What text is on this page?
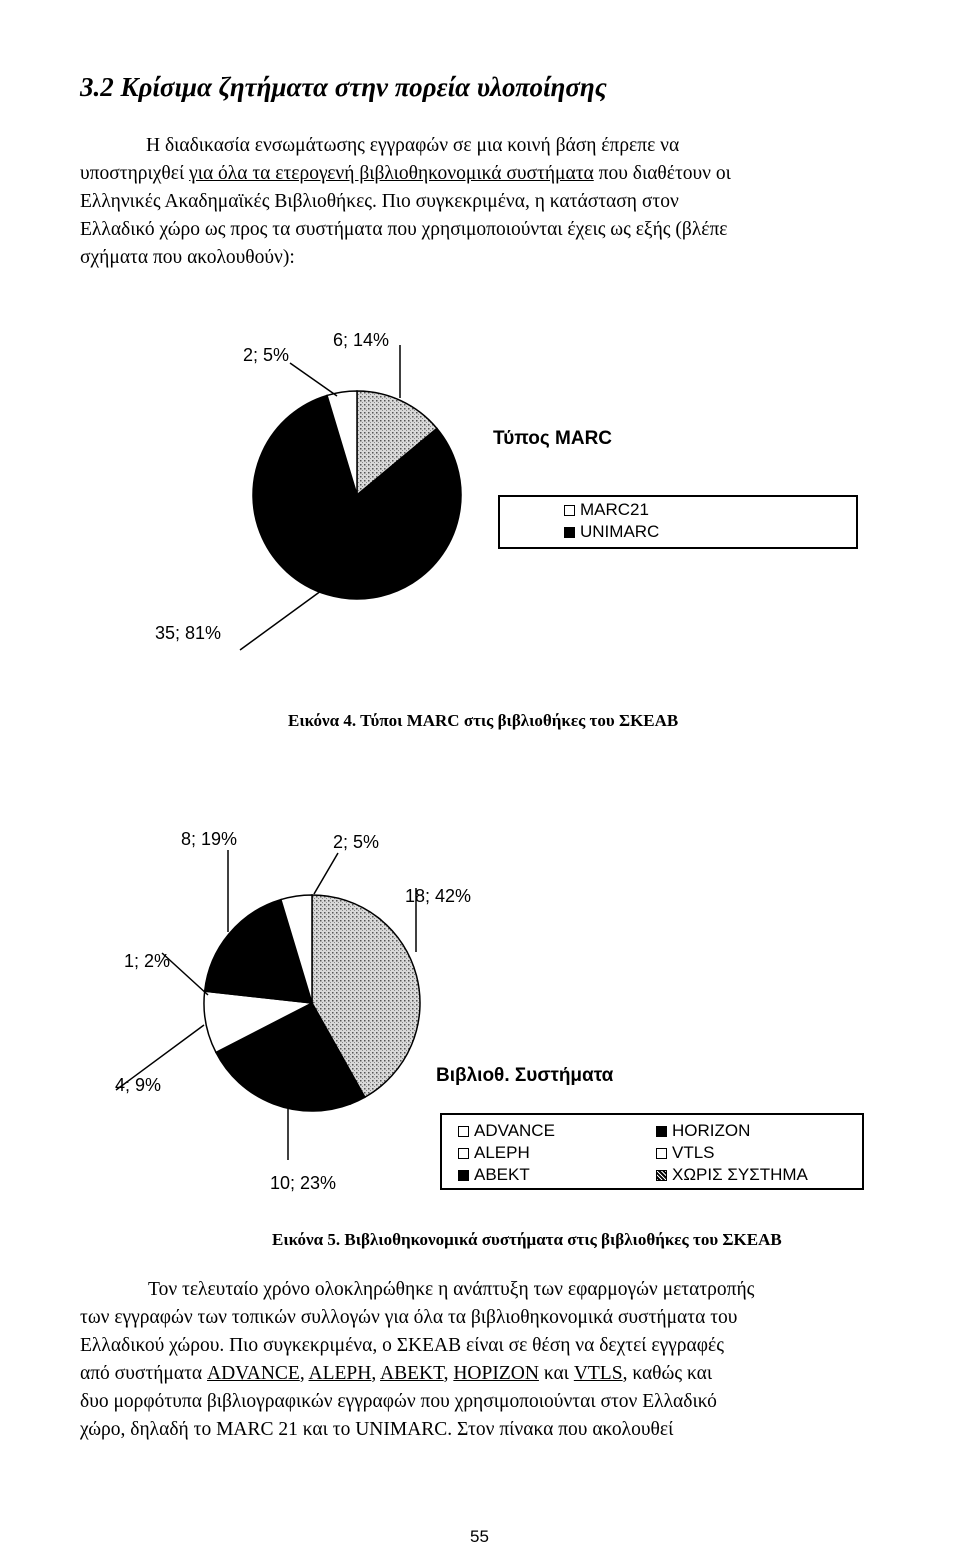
3.2 Κρίσιμα ζητήματα στην πορεία υλοποίησης
Η διαδικασία ενσωμάτωσης εγγραφών σε μια κοινή βάση έπρεπε να
υποστηριχθεί για όλα τα ετερογενή βιβλιοθηκονομικά συστήματα που διαθέτουν οι
Ελληνικές Ακαδημαϊκές Βιβλιοθήκες. Πιο συγκεκριμένα, η κατάσταση στον
Ελλαδικό χώρο ως προς τα συστήματα που χρησιμοποιούνται έχεις ως εξής (βλέπε
σχήματα που ακολουθούν):
2; 5%
6; 14%
35; 81%
Τύπος MARC
MARC21
UNIMARC
Εικόνα 4. Τύποι MARC στις βιβλιοθήκες του ΣΚΕΑΒ
8; 19%	2; 5%
18; 42%
1; 2%
4; 9%
10; 23%
Βιβλιοθ. Συστήματα
ADVANCE
ALEPH
ABEKT
HORIZON
VTLS
ΧΩΡΙΣ ΣΥΣΤΗΜΑ
Εικόνα 5. Βιβλιοθηκονομικά συστήματα στις βιβλιοθήκες του ΣΚΕΑΒ
Τον τελευταίο χρόνο ολοκληρώθηκε η ανάπτυξη των εφαρμογών μετατροπής
των εγγραφών των τοπικών συλλογών για όλα τα βιβλιοθηκονομικά συστήματα του
Ελλαδικού χώρου. Πιο συγκεκριμένα, ο ΣΚΕΑΒ είναι σε θέση να δεχτεί εγγραφές
από συστήματα ADVANCE, ALEPH, ABEKT, HOPIZON και VTLS, καθώς και
δυο μορφότυπα βιβλιογραφικών εγγραφών που χρησιμοποιούνται στον Ελλαδικό
χώρο, δηλαδή το MARC 21 και το UNIMARC. Στον πίνακα που ακολουθεί
55
